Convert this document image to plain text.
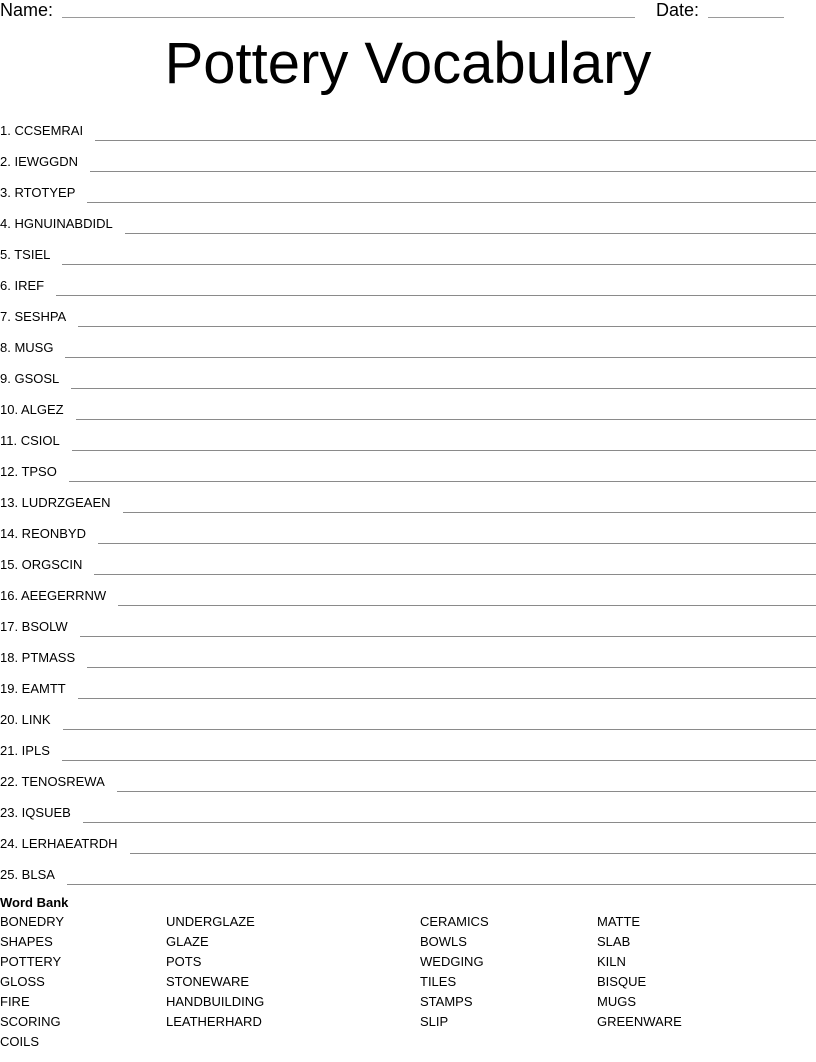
Name:	Date:
Pottery Vocabulary
1. CCSEMRAI
2. IEWGGDN
3. RTOTYEP
4. HGNUINABDIDL
5. TSIEL
6. IREF
7. SESHPA
8. MUSG
9. GSOSL
10. ALGEZ
11. CSIOL
12. TPSO
13. LUDRZGEAEN
14. REONBYD
15. ORGSCIN
16. AEEGERRNW
17. BSOLW
18. PTMASS
19. EAMTT
20. LINK
21. IPLS
22. TENOSREWA
23. IQSUEB
24. LERHAEATRDH
25. BLSA

Word Bank

BONEDRY
SHAPES
POTTERY
GLOSS
FIRE
SCORING
COILS
UNDERGLAZE
GLAZE
POTS
STONEWARE
HANDBUILDING
LEATHERHARD
CERAMICS
BOWLS
WEDGING
TILES
STAMPS
SLIP
MATTE
SLAB
KILN
BISQUE
MUGS
GREENWARE
